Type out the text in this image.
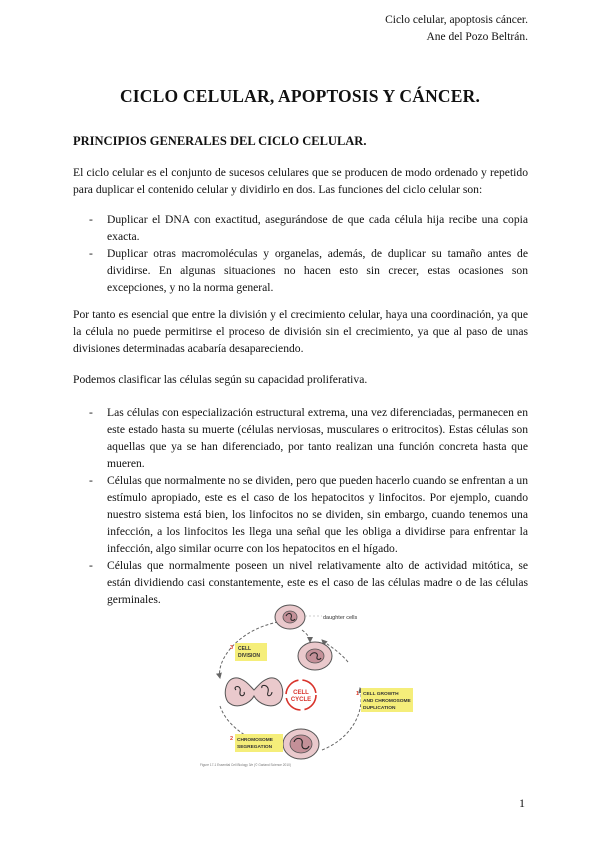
Ciclo celular, apoptosis cáncer.
Ane del Pozo Beltrán.
CICLO CELULAR, APOPTOSIS Y CÁNCER.
PRINCIPIOS GENERALES DEL CICLO CELULAR.

El ciclo celular es el conjunto de sucesos celulares que se producen de modo ordenado y repetido para duplicar el contenido celular y dividirlo en dos. Las funciones del ciclo celular son:

- Duplicar el DNA con exactitud, asegurándose de que cada célula hija recibe una copia exacta.
- Duplicar otras macromoléculas y organelas, además, de duplicar su tamaño antes de dividirse. En algunas situaciones no hacen esto sin crecer, estas ocasiones son excepciones, y no la norma general.

Por tanto es esencial que entre la división y el crecimiento celular, haya una coordinación, ya que la célula no puede permitirse el proceso de división sin el crecimiento, ya que al paso de unas divisiones determinadas acabaría desapareciendo.

Podemos clasificar las células según su capacidad proliferativa.

- Las células con especialización estructural extrema, una vez diferenciadas, permanecen en este estado hasta su muerte (células nerviosas, musculares o eritrocitos). Estas células son aquellas que ya se han diferenciado, por tanto realizan una función concreta hasta que mueren.
- Células que normalmente no se dividen, pero que pueden hacerlo cuando se enfrentan a un estímulo apropiado, este es el caso de los hepatocitos y linfocitos. Por ejemplo, cuando nuestro sistema está bien, los linfocitos no se dividen, sin embargo, cuando tenemos una infección, a los linfocitos les llega una señal que les obliga a dividirse para enfrentar la infección, algo similar ocurre con los hepatocitos en el hígado.
- Células que normalmente poseen un nivel relativamente alto de actividad mitótica, se están dividiendo casi constantemente, este es el caso de las células madre o de las células germinales.
daughter cells
CELL
CYCLE
3 CELL
DIVISION
1 CELL GROWTH
AND CHROMOSOME
DUPLICATION
2 CHROMOSOME
SEGREGATION
Figure 17-1 Essential Cell Biology 3/e (© Garland Science 2010)
1
